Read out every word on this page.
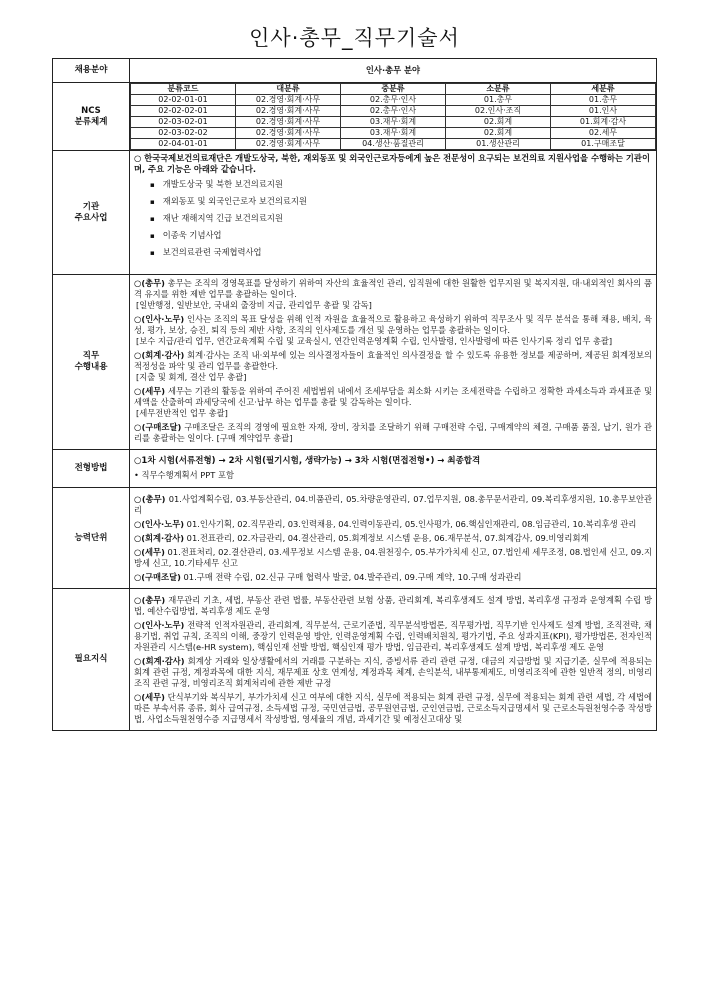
인사·총무_직무기술서
채용분야	인사·총무 분야
NCS
분류체계	
분류코드	대분류	중분류	소분류	세분류
02-02-01-01	02.경영·회계·사무	02.총무·인사	01.총무	01.총무
02-02-02-01	02.경영·회계·사무	02.총무·인사	02.인사·조직	01.인사
02-03-02-01	02.경영·회계·사무	03.재무·회계	02.회계	01.회계·감사
02-03-02-02	02.경영·회계·사무	03.재무·회계	02.회계	02.세무
02-04-01-01	02.경영·회계·사무	04.생산·품질관리	01.생산관리	01.구매조달

기관
주요사업	
○ 한국국제보건의료재단은 개발도상국, 북한, 재외동포 및 외국인근로자등에게 높은 전문성이 요구되는 보건의료 지원사업을 수행하는 기관이며, 주요 기능은 아래와 같습니다.
▪ 개발도상국 및 북한 보건의료지원
▪ 재외동포 및 외국인근로자 보건의료지원
▪ 재난 재해지역 긴급 보건의료지원
▪ 이종욱 기념사업
▪ 보건의료관련 국제협력사업

직무
수행내용	
○(총무) 총무는 조직의 경영목표를 달성하기 위하여 자산의 효율적인 관리, 임직원에 대한 원활한 업무지원 및 복지지원, 대·내외적인 회사의 품격 유지를 위한 제반 업무를 총괄하는 일이다.
[일반행정, 일반보안, 국내외 출장비 지급, 관리업무 총괄 및 감독]
○(인사·노무) 인사는 조직의 목표 달성을 위해 인적 자원을 효율적으로 활용하고 육성하기 위하여 직무조사 및 직무 분석을 통해 채용, 배치, 육성, 평가, 보상, 승진, 퇴직 등의 제반 사항, 조직의 인사제도를 개선 및 운영하는 업무를 총괄하는 일이다.
[보수 지급/관리 업무, 연간교육계획 수립 및 교육실시, 연간인력운영계획 수립, 인사발령, 인사발령에 따른 인사기록 정리 업무 총괄]
○(회계·감사) 회계·감사는 조직 내·외부에 있는 의사결정자들이 효율적인 의사결정을 할 수 있도록 유용한 정보를 제공하며, 제공된 회계정보의 적정성을 파악 및 관리 업무를 총괄한다.
[지출 및 회계, 결산 업무 총괄]
○(세무) 세무는 기관의 활동을 위하여 주어진 세법범위 내에서 조세부담을 최소화 시키는 조세전략을 수립하고 정확한 과세소득과 과세표준 및 세액을 산출하여 과세당국에 신고·납부 하는 업무를 총괄 및 감독하는 일이다.
[세무전반적인 업무 총괄]
○(구매조달) 구매조달은 조직의 경영에 필요한 자재, 장비, 장치를 조달하기 위해 구매전략 수립, 구매계약의 체결, 구매품 품질, 납기, 원가 관리를 총괄하는 일이다. [구매 계약업무 총괄]

전형방법	
○1차 시험(서류전형) → 2차 시험(필기시험, 생략가능) → 3차 시험(면접전형•) → 최종합격
• 직무수행계획서 PPT 포함

능력단위	
○(총무) 01.사업계획수립, 03.부동산관리, 04.비품관리, 05.차량운영관리, 07.업무지원, 08.총무문서관리, 09.복리후생지원, 10.총무보안관리
○(인사·노무) 01.인사기획, 02.직무관리, 03.인력채용, 04.인력이동관리, 05.인사평가, 06.핵심인재관리, 08.임금관리, 10.복리후생 관리
○(회계·감사) 01.전표관리, 02.자금관리, 04.결산관리, 05.회계정보 시스템 운용, 06.재무분석, 07.회계감사, 09.비영리회계
○(세무) 01.전표처리, 02.결산관리, 03.세무정보 시스템 운용, 04.원천징수, 05.부가가치세 신고, 07.법인세 세무조정, 08.법인세 신고, 09.지방세 신고, 10.기타세무 신고
○(구매조달) 01.구매 전략 수립, 02.신규 구매 협력사 발굴, 04.발주관리, 09.구매 계약, 10.구매 성과관리

필요지식	
○(총무) 재무관리 기초, 세법, 부동산 관련 법률, 부동산관련 보험 상품, 관리회계, 복리후생제도 설계 방법, 복리후생 규정과 운영계획 수립 방법, 예산수립방법, 복리후생 제도 운영
○(인사·노무) 전략적 인적자원관리, 관리회계, 직무분석, 근로기준법, 직무분석방법론, 직무평가법, 직무기반 인사제도 설계 방법, 조직전략, 채용기법, 취업 규칙, 조직의 이해, 중장기 인력운영 방안, 인력운영계획 수립, 인력배치원칙, 평가기법, 주요 성과지표(KPI), 평가방법론, 전자인적자원관리 시스템(e-HR system), 핵심인재 선발 방법, 핵심인재 평가 방법, 임금관리, 복리후생제도 설계 방법, 복리후생 제도 운영
○(회계·감사) 회계상 거래와 일상생활에서의 거래를 구분하는 지식, 증빙서류 관리 관련 규정, 대금의 지급방법 및 지급기준, 실무에 적용되는 회계 관련 규정, 계정과목에 대한 지식, 재무제표 상호 연계성, 계정과목 체계, 손익분석, 내부통제제도, 비영리조직에 관한 일반적 정의, 비영리조직 관련 규정, 비영리조직 회계처리에 관한 제반 규정
○(세무) 단식부기와 복식부기, 부가가치세 신고 여부에 대한 지식, 실무에 적용되는 회계 관련 규정, 실무에 적용되는 회계 관련 세법, 각 세법에 따른 부속서류 종류, 회사 급여규정, 소득세법 규정, 국민연금법, 공무원연금법, 군인연금법, 근로소득지급명세서 및 근로소득원천영수증 작성방법, 사업소득원천영수증 지급명세서 작성방법, 영세율의 개념, 과세기간 및 예정신고대상 및
